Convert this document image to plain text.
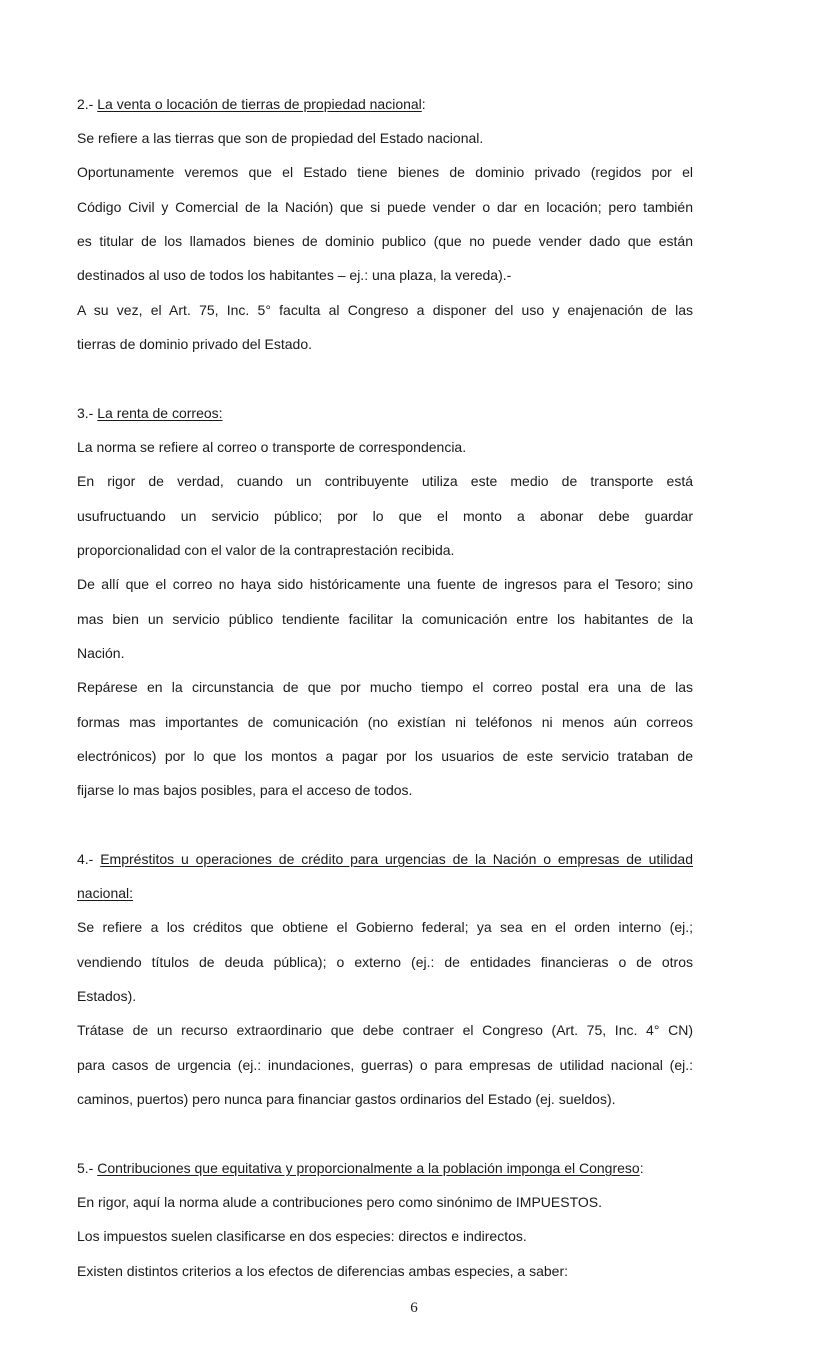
2.- La venta o locación de tierras de propiedad nacional:
Se refiere a las tierras que son de propiedad del Estado nacional.
Oportunamente veremos que el Estado tiene bienes de dominio privado (regidos por el
Código Civil y Comercial de la Nación) que si puede vender o dar en locación; pero también
es titular de los llamados bienes de dominio publico (que no puede vender dado que están
destinados al uso de todos los habitantes – ej.: una plaza, la vereda).-
A su vez, el Art. 75, Inc. 5° faculta al Congreso a disponer del uso y enajenación de las
tierras de dominio privado del Estado.
3.- La renta de correos:
La norma se refiere al correo o transporte de correspondencia.
En rigor de verdad, cuando un contribuyente utiliza este medio de transporte está
usufructuando un servicio público; por lo que el monto a abonar debe guardar
proporcionalidad con el valor de la contraprestación recibida.
De allí que el correo no haya sido históricamente una fuente de ingresos para el Tesoro; sino
mas bien un servicio público tendiente facilitar la comunicación entre los habitantes de la
Nación.
Repárese en la circunstancia de que por mucho tiempo el correo postal era una de las
formas mas importantes de comunicación (no existían ni teléfonos ni menos aún correos
electrónicos) por lo que los montos a pagar por los usuarios de este servicio trataban de
fijarse lo mas bajos posibles, para el acceso de todos.
4.- Empréstitos u operaciones de crédito para urgencias de la Nación o empresas de utilidad
nacional:
Se refiere a los créditos que obtiene el Gobierno federal; ya sea en el orden interno (ej.;
vendiendo títulos de deuda pública); o externo (ej.: de entidades financieras o de otros
Estados).
Trátase de un recurso extraordinario que debe contraer el Congreso (Art. 75, Inc. 4° CN)
para casos de urgencia (ej.: inundaciones, guerras) o para empresas de utilidad nacional (ej.:
caminos, puertos) pero nunca para financiar gastos ordinarios del Estado (ej. sueldos).
5.- Contribuciones que equitativa y proporcionalmente a la población imponga el Congreso:
En rigor, aquí la norma alude a contribuciones pero como sinónimo de IMPUESTOS.
Los impuestos suelen clasificarse en dos especies: directos e indirectos.
Existen distintos criterios a los efectos de diferencias ambas especies, a saber:
6
